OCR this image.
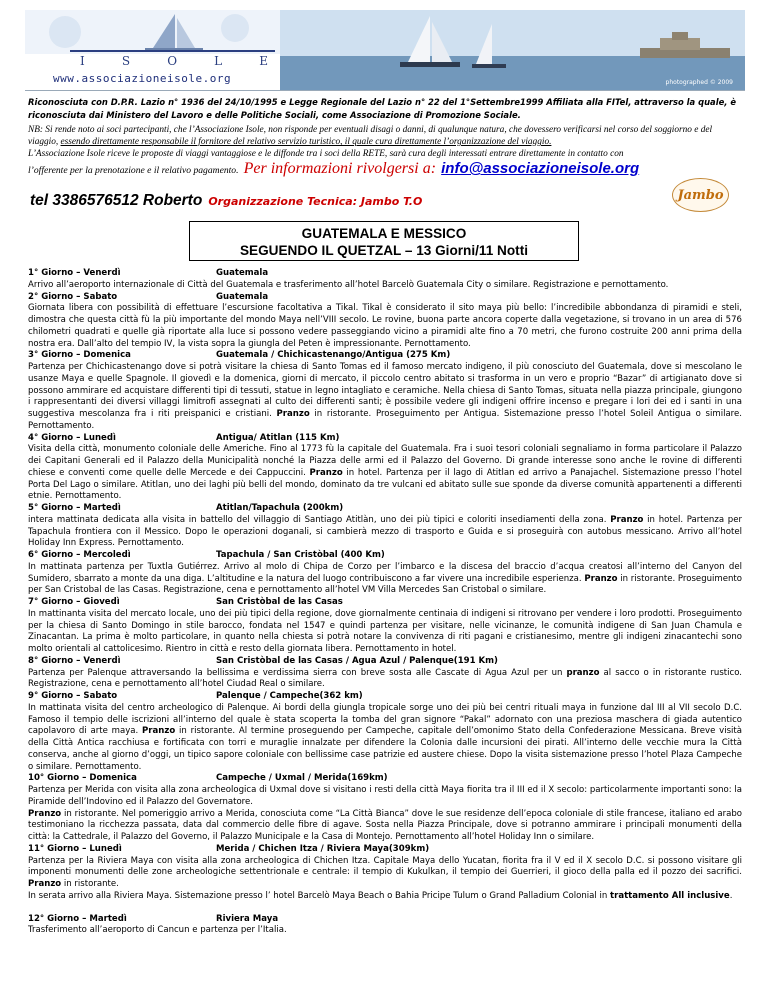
I	S	O	L	E
www.associazioneisole.org	photographed © 2009
Riconosciuta con D.P.R. Lazio n° 1936 del 24/10/1995 e Legge Regionale del Lazio n° 22 del 1°Settembre1999 Affiliata alla FITel, attraverso la quale, è riconosciuta dai Ministero del Lavoro e delle Politiche Sociali, come Associazione di Promozione Sociale.
NB: Si rende noto ai soci partecipanti, che l’Associazione Isole, non risponde per eventuali disagi o danni, di qualunque natura, che dovessero verificarsi nel corso del soggiorno e del viaggio, essendo direttamente responsabile il fornitore del relativo servizio turistico, il quale cura direttamente l’organizzazione del viaggio.
L’Associazione Isole riceve le proposte di viaggi vantaggiose e le diffonde tra i soci della RETE, sarà cura degli interessati entrare direttamente in contatto con
l’offerente per la prenotazione e il relativo pagamento. Per informazioni rivolgersi a: info@associazioneisole.org
tel 3386576512 Roberto Organizzazione Tecnica: Jambo T.O	Jambo
GUATEMALA E MESSICO
SEGUENDO IL QUETZAL – 13 Giorni/11 Notti
1° Giorno – Venerdì	Guatemala

Arrivo all’aeroporto internazionale di Città del Guatemala e trasferimento all’hotel Barcelò Guatemala City o similare. Registrazione e pernottamento.

2° Giorno – Sabato	Guatemala

Giornata libera con possibilità di effettuare l’escursione facoltativa a Tikal. Tikal è considerato il sito maya più bello: l’incredibile abbondanza di piramidi e steli, dimostra che questa città fù la più importante del mondo Maya nell’VIII secolo. Le rovine, buona parte ancora coperte dalla vegetazione, si trovano in un area di 576 chilometri quadrati e quelle già riportate alla luce si possono vedere passeggiando vicino a piramidi alte fino a 70 metri, che furono costruite 200 anni prima della nostra era. Dall’alto del tempio IV, la vista sopra la giungla del Peten è impressionante. Pernottamento.

3° Giorno – Domenica	Guatemala / Chichicastenango/Antigua (275 Km)

Partenza per Chichicastenango dove si potrà visitare la chiesa di Santo Tomas ed il famoso mercato indigeno, il più conosciuto del Guatemala, dove si mescolano le usanze Maya e quelle Spagnole. Il giovedì e la domenica, giorni di mercato, il piccolo centro abitato si trasforma in un vero e proprio “Bazar” di artigianato dove si possono ammirare ed acquistare differenti tipi di tessuti, statue in legno intagliato e ceramiche. Nella chiesa di Santo Tomas, situata nella piazza principale, giungono i rappresentanti dei diversi villaggi limitrofi assegnati al culto dei differenti santi; è possibile vedere gli indigeni offrire incenso e pregare i lori dei ed i santi in una suggestiva mescolanza fra i riti preispanici e cristiani. Pranzo in ristorante. Proseguimento per Antigua. Sistemazione presso l’hotel Soleil Antigua o similare. Pernottamento.

4° Giorno – Lunedì	Antigua/ Atitlan (115 Km)

Visita della città, monumento coloniale delle Americhe. Fino al 1773 fù la capitale del Guatemala. Fra i suoi tesori coloniali segnaliamo in forma particolare il Palazzo dei Capitani Generali ed il Palazzo della Municipalità nonché la Piazza delle armi ed il Palazzo del Governo. Di grande interesse sono anche le rovine di differenti chiese e conventi come quelle delle Mercede e dei Cappuccini. Pranzo in hotel. Partenza per il lago di Atitlan ed arrivo a Panajachel. Sistemazione presso l’hotel Porta Del Lago o similare. Atitlan, uno dei laghi più belli del mondo, dominato da tre vulcani ed abitato sulle sue sponde da diverse comunità appartenenti a differenti etnie. Pernottamento.

5° Giorno – Martedì	Atitlan/Tapachula (200km)

intera mattinata dedicata alla visita in battello del villaggio di Santiago Atitlàn, uno dei più tipici e coloriti insediamenti della zona. Pranzo in hotel. Partenza per Tapachula frontiera con il Messico. Dopo le operazioni doganali, si cambierà mezzo di trasporto e Guida e si proseguirà con autobus messicano. Arrivo all’hotel Holiday Inn Express. Pernottamento.

6° Giorno – Mercoledì	Tapachula / San Cristòbal (400 Km)

In mattinata partenza per Tuxtla Gutiérrez. Arrivo al molo di Chipa de Corzo per l’imbarco e la discesa del braccio d’acqua creatosi all’interno del Canyon del Sumidero, sbarrato a monte da una diga. L’altitudine e la natura del luogo contribuiscono a far vivere una incredibile esperienza. Pranzo in ristorante. Proseguimento per San Cristobal de las Casas. Registrazione, cena e pernottamento all’hotel VM Villa Mercedes San Cristobal o similare.

7° Giorno – Giovedì	San Cristòbal de las Casas

In mattinanta visita del mercato locale, uno dei più tipici della regione, dove giornalmente centinaia di indigeni si ritrovano per vendere i loro prodotti. Proseguimento per la chiesa di Santo Domingo in stile barocco, fondata nel 1547 e quindi partenza per visitare, nelle vicinanze, le comunità indigene di San Juan Chamula e Zinacantan. La prima è molto particolare, in quanto nella chiesta si potrà notare la convivenza di riti pagani e cristianesimo, mentre gli indigeni zinacantechi sono molto orientali al cattolicesimo. Rientro in città e resto della giornata libera. Pernottamento in hotel.

8° Giorno – Venerdì	San Cristòbal de las Casas / Agua Azul / Palenque(191 Km)

Partenza per Palenque attraversando la bellissima e verdissima sierra con breve sosta alle Cascate di Agua Azul per un pranzo al sacco o in ristorante rustico. Registrazione, cena e pernottamento all’hotel Ciudad Real o similare.

9° Giorno – Sabato	Palenque / Campeche(362 km)

In mattinata visita del centro archeologico di Palenque. Ai bordi della giungla tropicale sorge uno dei più bei centri rituali maya in funzione dal III al VII secolo D.C. Famoso il tempio delle iscrizioni all’interno del quale è stata scoperta la tomba del gran signore “Pakal” adornato con una preziosa maschera di giada autentico capolavoro di arte maya. Pranzo in ristorante. Al termine proseguendo per Campeche, capitale dell’omonimo Stato della Confederazione Messicana. Breve visità della Città Antica racchiusa e fortificata con torri e muraglie innalzate per difendere la Colonia dalle incursioni dei pirati. All’interno delle vecchie mura la Città conserva, anche al giorno d’oggi, un tipico sapore coloniale con bellissime case patrizie ed austere chiese. Dopo la visita sistemazione presso l’hotel Plaza Campeche o similare. Pernottamento.

10° Giorno – Domenica	Campeche / Uxmal / Merida(169km)

Partenza per Merida con visita alla zona archeologica di Uxmal dove si visitano i resti della città Maya fiorita tra il III ed il X secolo: particolarmente importanti sono: la Piramide dell’Indovino ed il Palazzo del Governatore.
Pranzo in ristorante. Nel pomeriggio arrivo a Merida, conosciuta come “La Città Bianca” dove le sue residenze dell’epoca coloniale di stile francese, italiano ed arabo testimoniano la ricchezza passata, data dal commercio delle fibre di agave. Sosta nella Piazza Principale, dove si potranno ammirare i principali monumenti della città: la Cattedrale, il Palazzo del Governo, il Palazzo Municipale e la Casa di Montejo. Pernottamento all’hotel Holiday Inn o similare.

11° Giorno – Lunedì	Merida / Chichen Itza / Riviera Maya(309km)

Partenza per la Riviera Maya con visita alla zona archeologica di Chichen Itza. Capitale Maya dello Yucatan, fiorita fra il V ed il X secolo D.C. si possono visitare gli imponenti monumenti delle zone archeologiche settentrionale e centrale: il tempio di Kukulkan, il tempio dei Guerrieri, il gioco della palla ed il pozzo dei sacrifici. Pranzo in ristorante.
In serata arrivo alla Riviera Maya. Sistemazione presso l’ hotel Barcelò Maya Beach o Bahia Pricipe Tulum o Grand Palladium Colonial in trattamento All inclusive.

12° Giorno – Martedì	Riviera Maya

Trasferimento all’aeroporto di Cancun e partenza per l’Italia.
